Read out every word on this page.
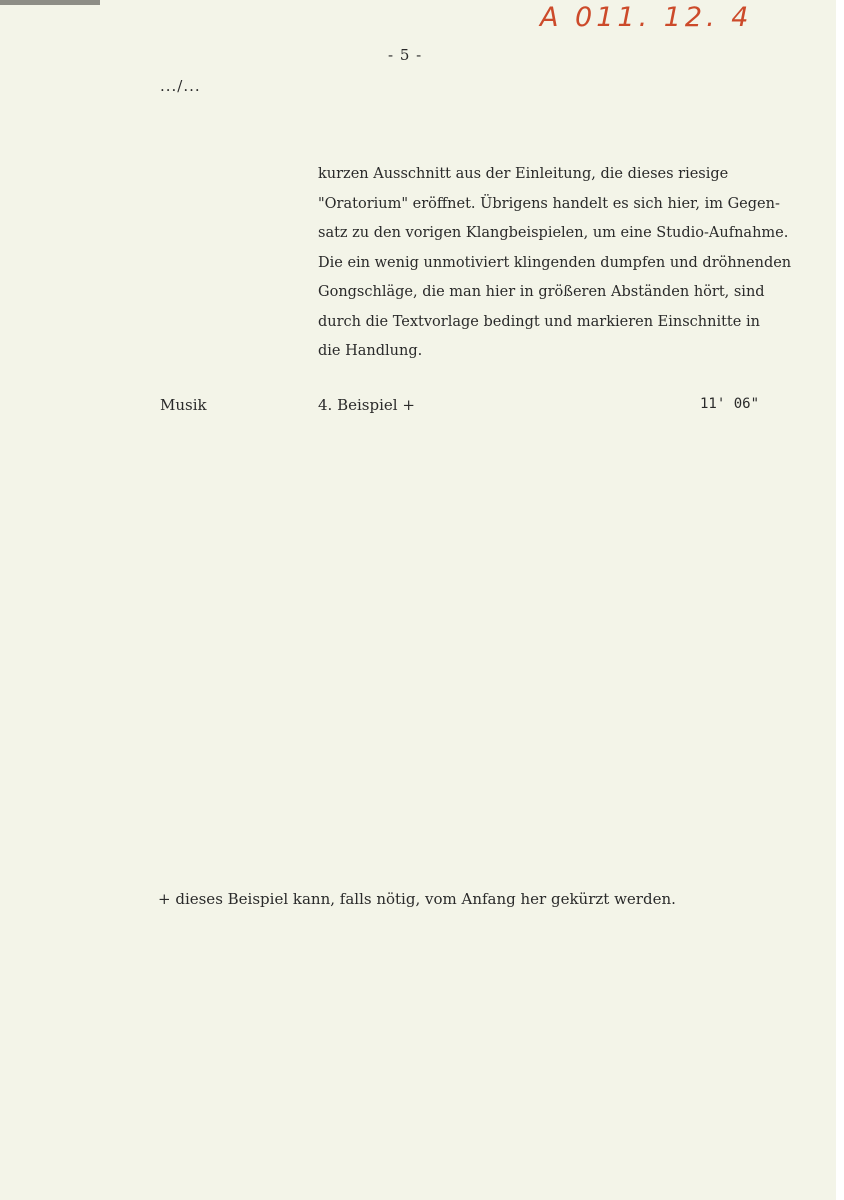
A 011. 12. 4
- 5 -
.../...
kurzen Ausschnitt aus der Einleitung, die dieses riesige
"Oratorium" eröffnet. Übrigens handelt es sich hier, im Gegen-
satz zu den vorigen Klangbeispielen, um eine Studio-Aufnahme.
Die ein wenig unmotiviert klingenden dumpfen und dröhnenden
Gongschläge, die man hier in größeren Abständen hört, sind
durch die Textvorlage bedingt und markieren Einschnitte in
die Handlung.
Musik	4. Beispiel +	11' 06"
+ dieses Beispiel kann, falls nötig, vom Anfang her gekürzt werden.
